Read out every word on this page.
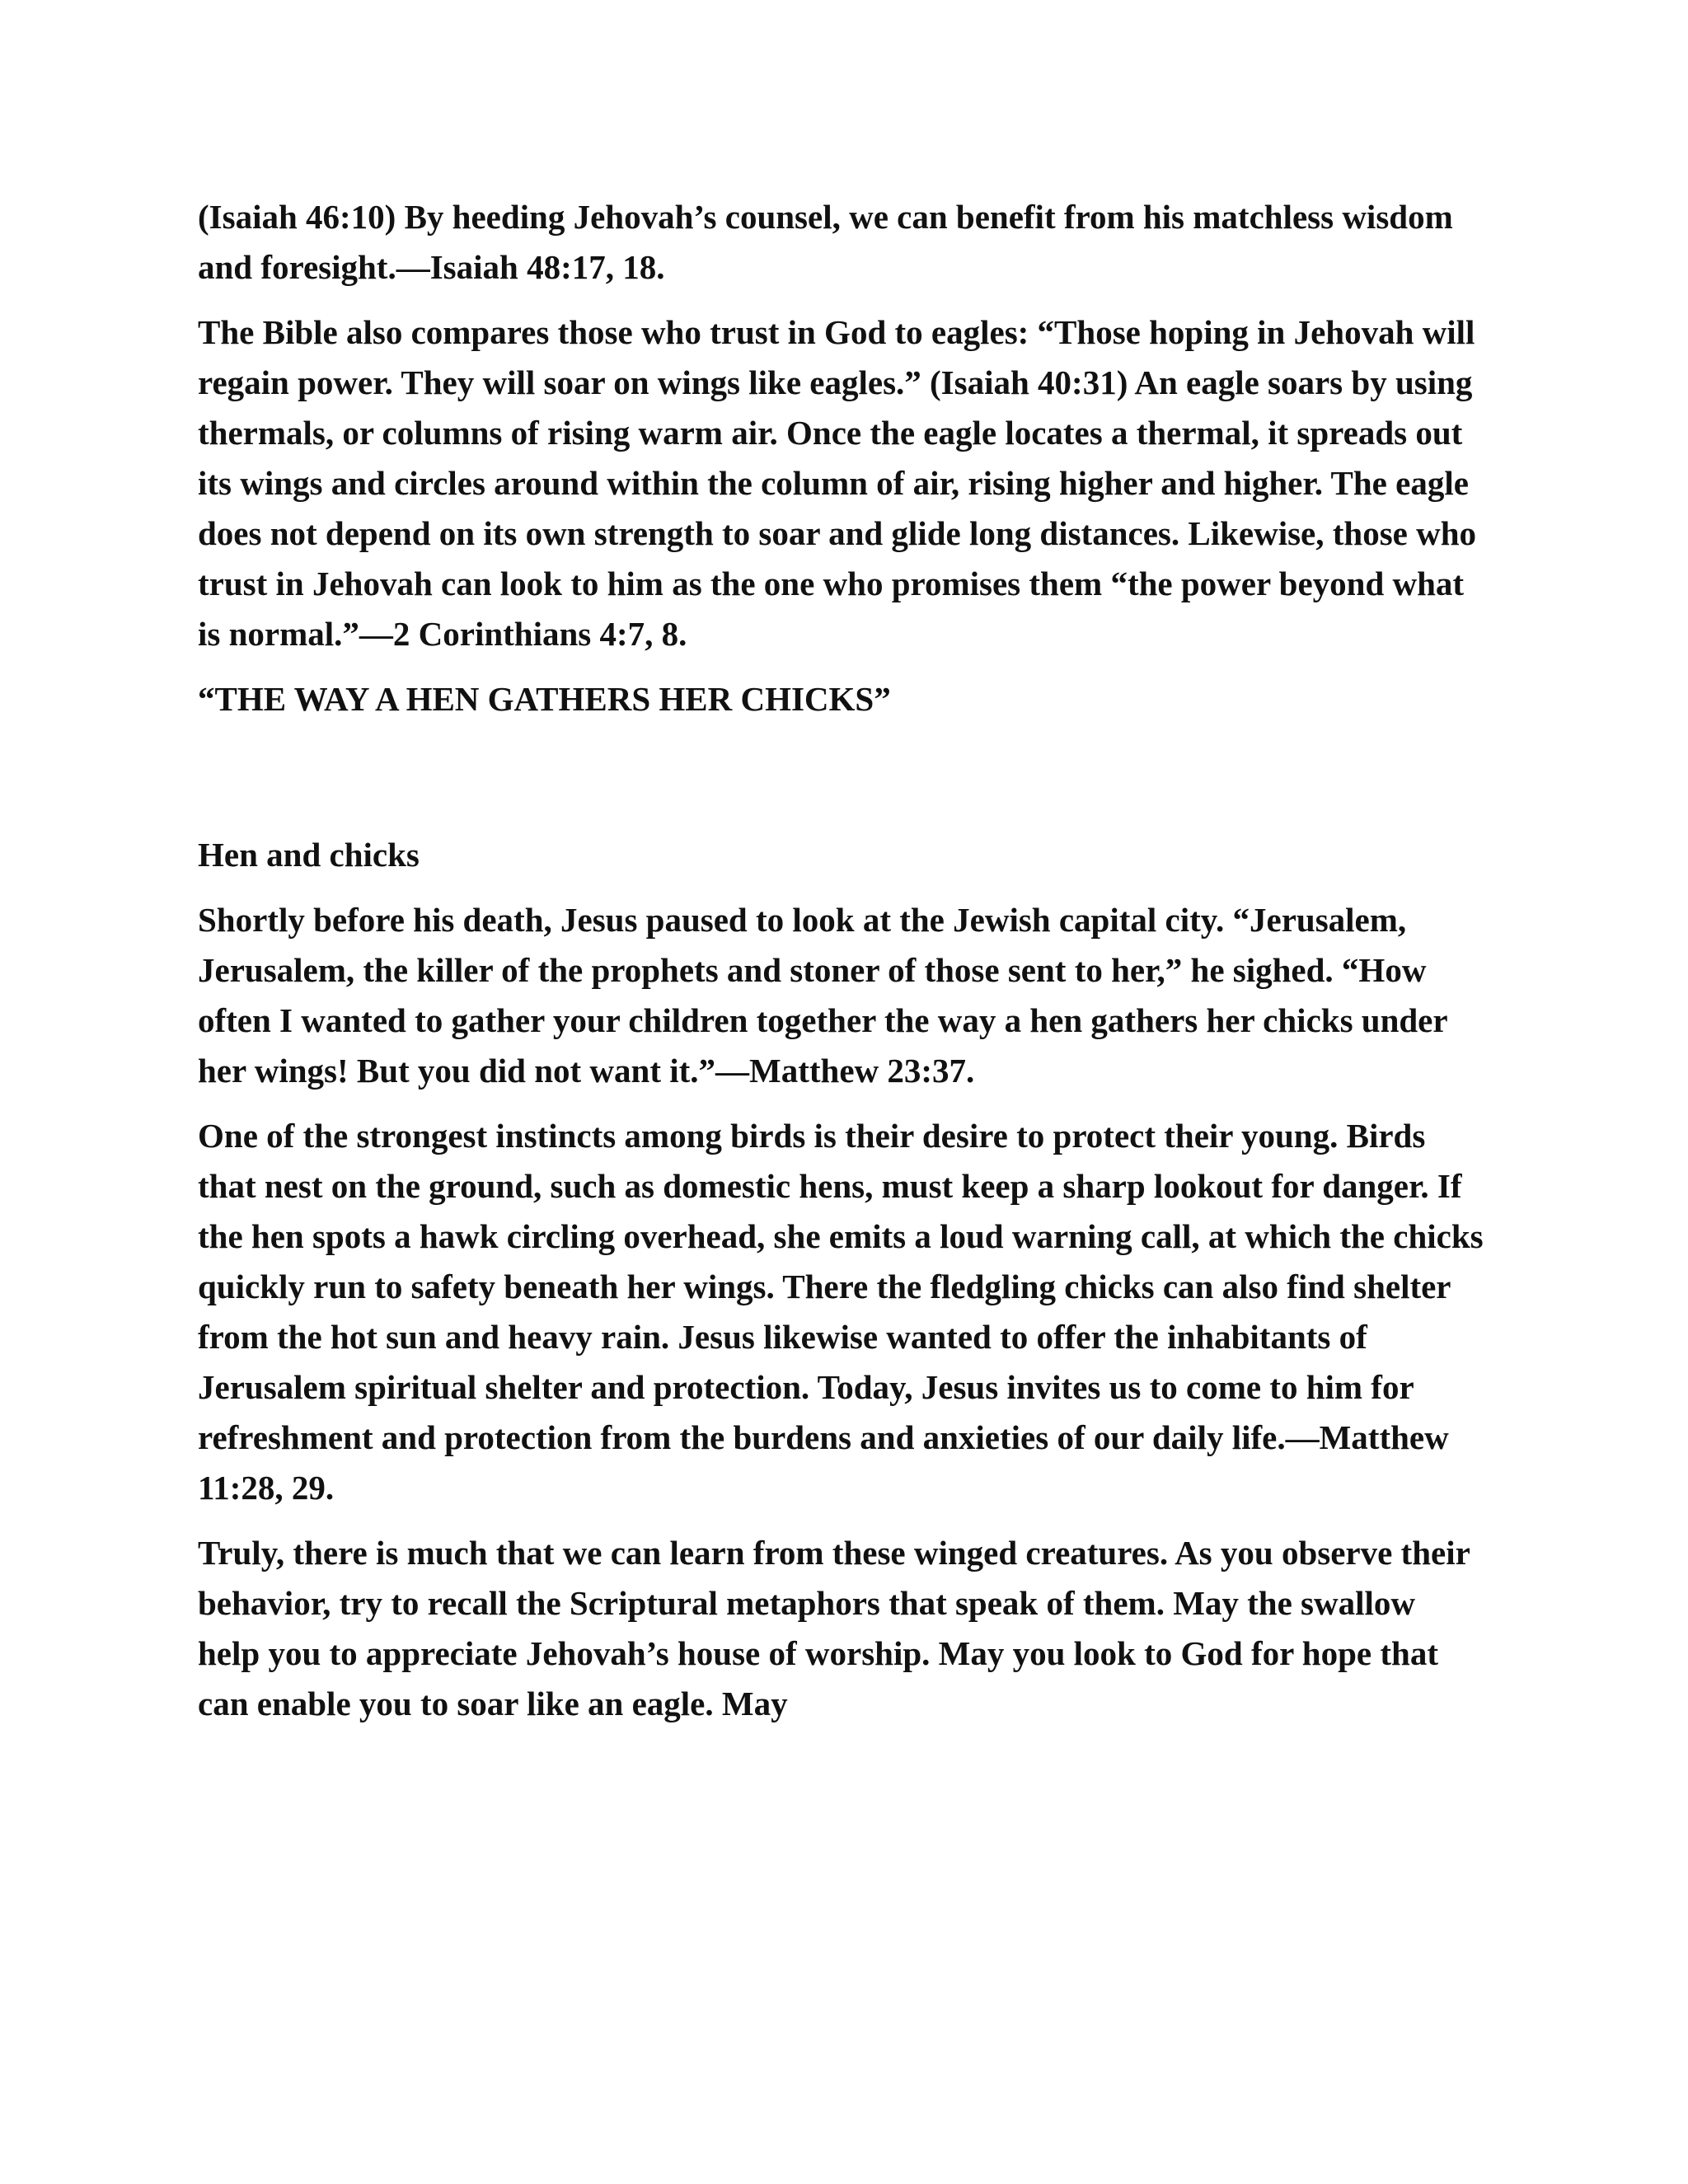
(Isaiah 46:10) By heeding Jehovah’s counsel, we can benefit from his matchless wisdom and foresight.—Isaiah 48:17, 18.

The Bible also compares those who trust in God to eagles: “Those hoping in Jehovah will regain power. They will soar on wings like eagles.” (Isaiah 40:31) An eagle soars by using thermals, or columns of rising warm air. Once the eagle locates a thermal, it spreads out its wings and circles around within the column of air, rising higher and higher. The eagle does not depend on its own strength to soar and glide long distances. Likewise, those who trust in Jehovah can look to him as the one who promises them “the power beyond what is normal.”—2 Corinthians 4:7, 8.

“THE WAY A HEN GATHERS HER CHICKS”

Hen and chicks

Shortly before his death, Jesus paused to look at the Jewish capital city. “Jerusalem, Jerusalem, the killer of the prophets and stoner of those sent to her,” he sighed. “How often I wanted to gather your children together the way a hen gathers her chicks under her wings! But you did not want it.”—Matthew 23:37.

One of the strongest instincts among birds is their desire to protect their young. Birds that nest on the ground, such as domestic hens, must keep a sharp lookout for danger. If the hen spots a hawk circling overhead, she emits a loud warning call, at which the chicks quickly run to safety beneath her wings. There the fledgling chicks can also find shelter from the hot sun and heavy rain. Jesus likewise wanted to offer the inhabitants of Jerusalem spiritual shelter and protection. Today, Jesus invites us to come to him for refreshment and protection from the burdens and anxieties of our daily life.—Matthew 11:28, 29.

Truly, there is much that we can learn from these winged creatures. As you observe their behavior, try to recall the Scriptural metaphors that speak of them. May the swallow help you to appreciate Jehovah’s house of worship. May you look to God for hope that can enable you to soar like an eagle. May
